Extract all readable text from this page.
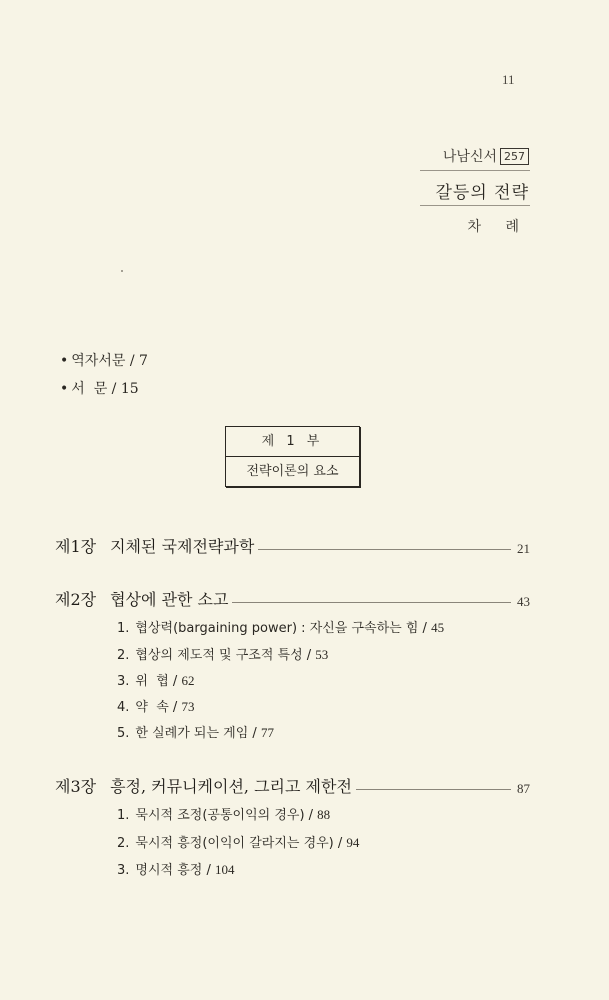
11
나남신서 257
갈등의 전략
차 례
• 역자서문 / 7
• 서  문 / 15
제 1 부
전략이론의 요소
제1장 지체된 국제전략과학	21
제2장 협상에 관한 소고	43
1. 협상력(bargaining power) : 자신을 구속하는 힘 / 45
2. 협상의 제도적 및 구조적 특성 / 53
3. 위  협 / 62
4. 약  속 / 73
5. 한 실례가 되는 게임 / 77
제3장 흥정, 커뮤니케이션, 그리고 제한전	87
1. 묵시적 조정(공통이익의 경우) / 88
2. 묵시적 흥정(이익이 갈라지는 경우) / 94
3. 명시적 흥정 / 104
